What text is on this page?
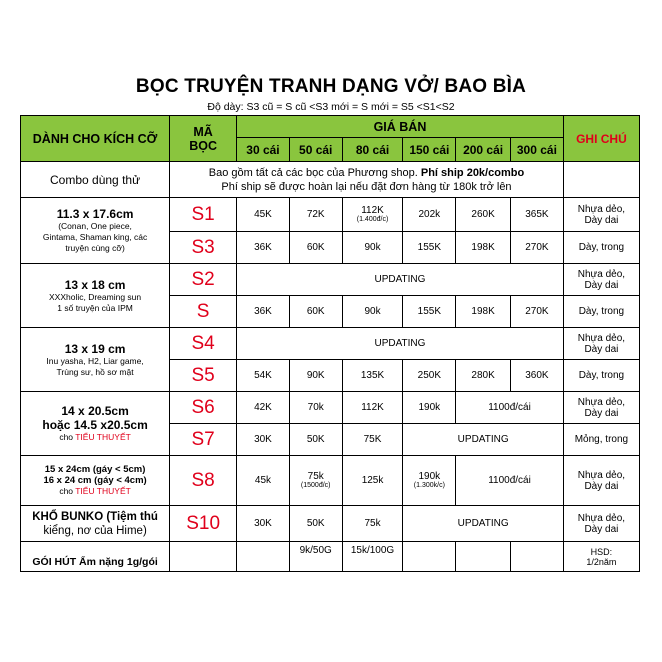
BỌC TRUYỆN TRANH DẠNG VỞ/ BAO BÌA
Độ dày: S3 cũ = S cũ <S3 mới = S mới = S5 <S1<S2
DÀNH CHO KÍCH CỠ	MÃ
BỌC	GIÁ BÁN						GHI CHÚ
		30 cái	50 cái	80 cái	150 cái	200 cái	300 cái	
Combo dùng thử	Bao gồm tất cả các bọc của Phương shop. Phí ship 20k/combo
Phí ship sẽ được hoàn lại nếu đặt đơn hàng từ 180k trở lên							

11.3 x 17.6cm
(Conan, One piece,
Gintama, Shaman king, các
truyện cùng cỡ)	S1	45K	72K	112K
(1.400đ/c)	202k	260K	365K	Nhựa dẻo,
Dày dai
	S3	36K	60K	90k	155K	198K	270K	Dày, trong

13 x 18 cm
XXXholic, Dreaming sun
1 số truyện của IPM	S2	UPDATING						Nhựa dẻo,
Dày dai
	S	36K	60K	90k	155K	198K	270K	Dày, trong

13 x 19 cm
Inu yasha, H2, Liar game,
Trùng sư, hồ sơ mật	S4	UPDATING						Nhựa dẻo,
Dày dai
	S5	54K	90K	135K	250K	280K	360K	Dày, trong

14 x 20.5cm
hoặc 14.5 x20.5cm
cho TIỂU THUYẾT	S6	42K	70k	112K	190k	1100đ/cái		Nhựa dẻo,
Dày dai
	S7	30K	50K	75K	UPDATING			Mỏng, trong

15 x 24cm (gáy < 5cm)
16 x 24 cm (gáy < 4cm)
cho TIỂU THUYẾT	S8	45k	75k
(1500đ/c)	125k	190k
(1.300k/c)	1100đ/cái		Nhựa dẻo,
Dày dai

KHỔ BUNKO (Tiệm thú
kiểng, nơ của Hime)	S10	30K	50K	75k	UPDATING			Nhựa dẻo,
Dày dai
GÓI HÚT Ẩm nặng 1g/gói			9k/50G	15k/100G				HSD:
1/2năm
